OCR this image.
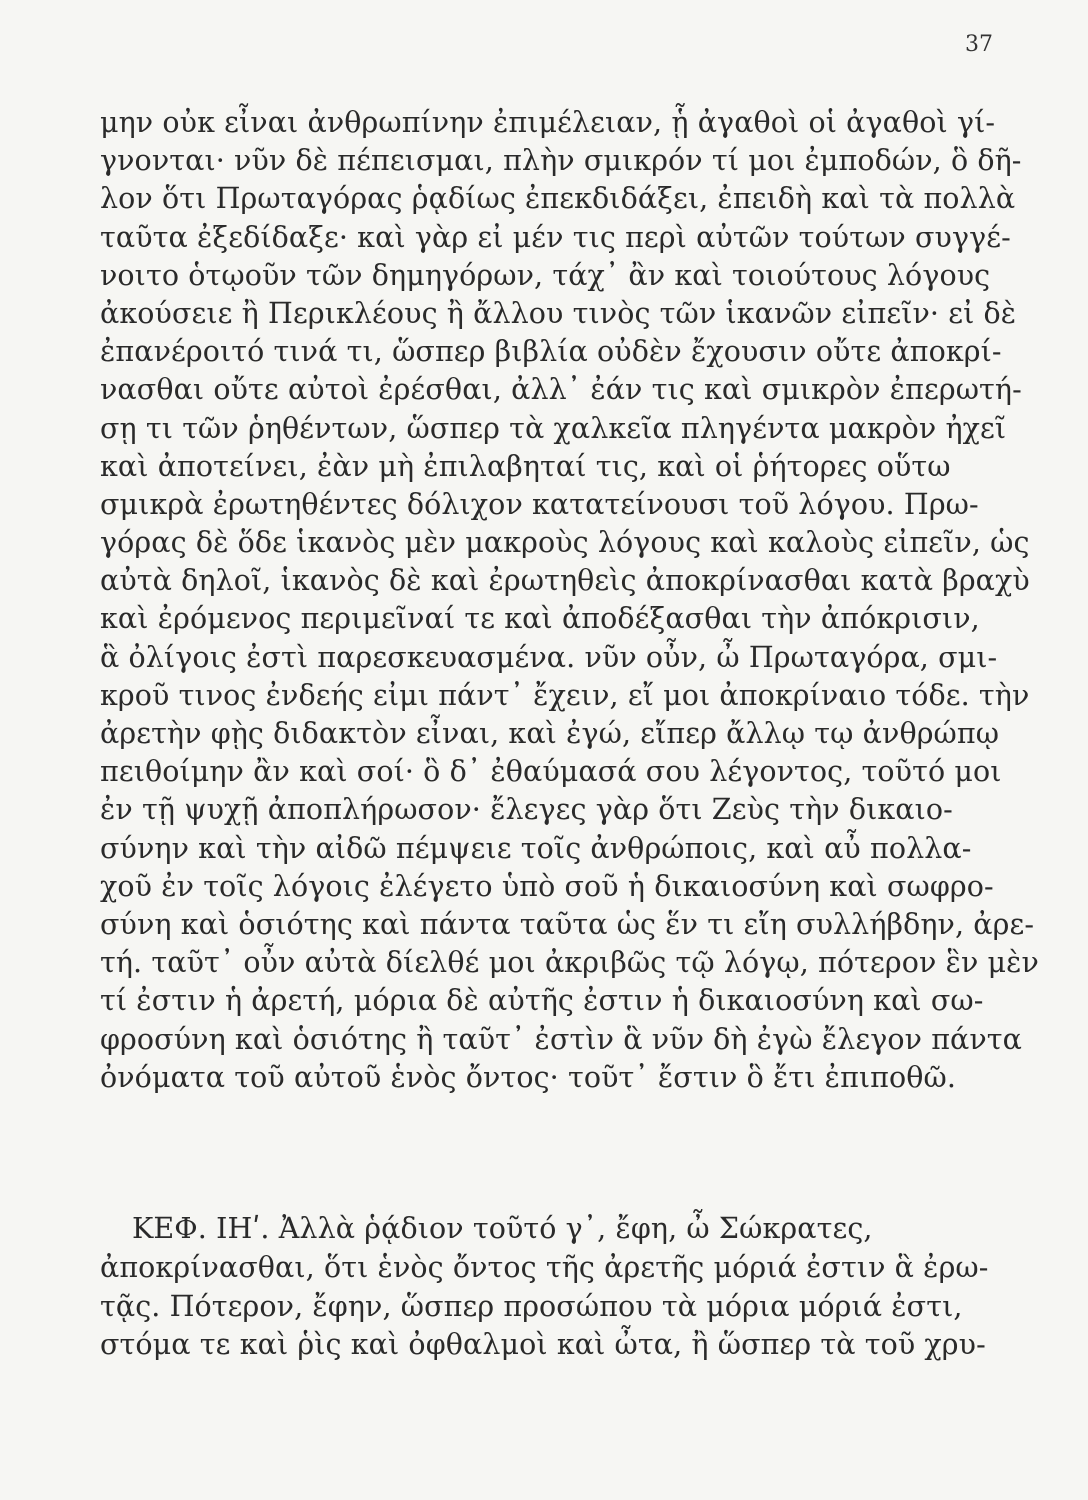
37
μην οὐκ εἶναι ἀνθρωπίνην ἐπιμέλειαν, ᾗ ἀγαθοὶ οἱ ἀγαθοὶ γί-
γνονται· νῦν δὲ πέπεισμαι, πλὴν σμικρόν τί μοι ἐμποδών, ὃ δῆ-
λον ὅτι Πρωταγόρας ῥᾳδίως ἐπεκδιδάξει, ἐπειδὴ καὶ τὰ πολλὰ
ταῦτα ἐξεδίδαξε· καὶ γὰρ εἰ μέν τις περὶ αὐτῶν τούτων συγγέ-
νοιτο ὁτῳοῦν τῶν δημηγόρων, τάχ᾽ ἂν καὶ τοιούτους λόγους
ἀκούσειε ἢ Περικλέους ἢ ἄλλου τινὸς τῶν ἱκανῶν εἰπεῖν· εἰ δὲ
ἐπανέροιτό τινά τι, ὥσπερ βιβλία οὐδὲν ἔχουσιν οὔτε ἀποκρί-
νασθαι οὔτε αὐτοὶ ἐρέσθαι, ἀλλ᾽ ἐάν τις καὶ σμικρὸν ἐπερωτή-
σῃ τι τῶν ῥηθέντων, ὥσπερ τὰ χαλκεῖα πληγέντα μακρὸν ἠχεῖ
καὶ ἀποτείνει, ἐὰν μὴ ἐπιλαβηταί τις, καὶ οἱ ῥήτορες οὕτω
σμικρὰ ἐρωτηθέντες δόλιχον κατατείνουσι τοῦ λόγου. Πρω-
γόρας δὲ ὅδε ἱκανὸς μὲν μακροὺς λόγους καὶ καλοὺς εἰπεῖν, ὡς
αὐτὰ δηλοῖ, ἱκανὸς δὲ καὶ ἐρωτηθεὶς ἀποκρίνασθαι κατὰ βραχὺ
καὶ ἐρόμενος περιμεῖναί τε καὶ ἀποδέξασθαι τὴν ἀπόκρισιν,
ἃ ὀλίγοις ἐστὶ παρεσκευασμένα. νῦν οὖν, ὦ Πρωταγόρα, σμι-
κροῦ τινος ἐνδεής εἰμι πάντ᾽ ἔχειν, εἴ μοι ἀποκρίναιο τόδε. τὴν
ἀρετὴν φῂς διδακτὸν εἶναι, καὶ ἐγώ, εἴπερ ἄλλῳ τῳ ἀνθρώπῳ
πειθοίμην ἂν καὶ σοί· ὃ δ᾽ ἐθαύμασά σου λέγοντος, τοῦτό μοι
ἐν τῇ ψυχῇ ἀποπλήρωσον· ἔλεγες γὰρ ὅτι Ζεὺς τὴν δικαιο-
σύνην καὶ τὴν αἰδῶ πέμψειε τοῖς ἀνθρώποις, καὶ αὖ πολλα-
χοῦ ἐν τοῖς λόγοις ἐλέγετο ὑπὸ σοῦ ἡ δικαιοσύνη καὶ σωφρο-
σύνη καὶ ὁσιότης καὶ πάντα ταῦτα ὡς ἕν τι εἴη συλλήβδην, ἀρε-
τή. ταῦτ᾽ οὖν αὐτὰ δίελθέ μοι ἀκριβῶς τῷ λόγῳ, πότερον ἓν μὲν
τί ἐστιν ἡ ἀρετή, μόρια δὲ αὐτῆς ἐστιν ἡ δικαιοσύνη καὶ σω-
φροσύνη καὶ ὁσιότης ἢ ταῦτ᾽ ἐστὶν ἃ νῦν δὴ ἐγὼ ἔλεγον πάντα
ὀνόματα τοῦ αὐτοῦ ἑνὸς ὄντος· τοῦτ᾽ ἔστιν ὃ ἔτι ἐπιποθῶ.
ΚΕΦ. ΙΗʹ. Ἀλλὰ ῥᾴδιον τοῦτό γ᾽, ἔφη, ὦ Σώκρατες,
ἀποκρίνασθαι, ὅτι ἑνὸς ὄντος τῆς ἀρετῆς μόριά ἐστιν ἃ ἐρω-
τᾷς. Πότερον, ἔφην, ὥσπερ προσώπου τὰ μόρια μόριά ἐστι,
στόμα τε καὶ ῥὶς καὶ ὀφθαλμοὶ καὶ ὦτα, ἢ ὥσπερ τὰ τοῦ χρυ-
